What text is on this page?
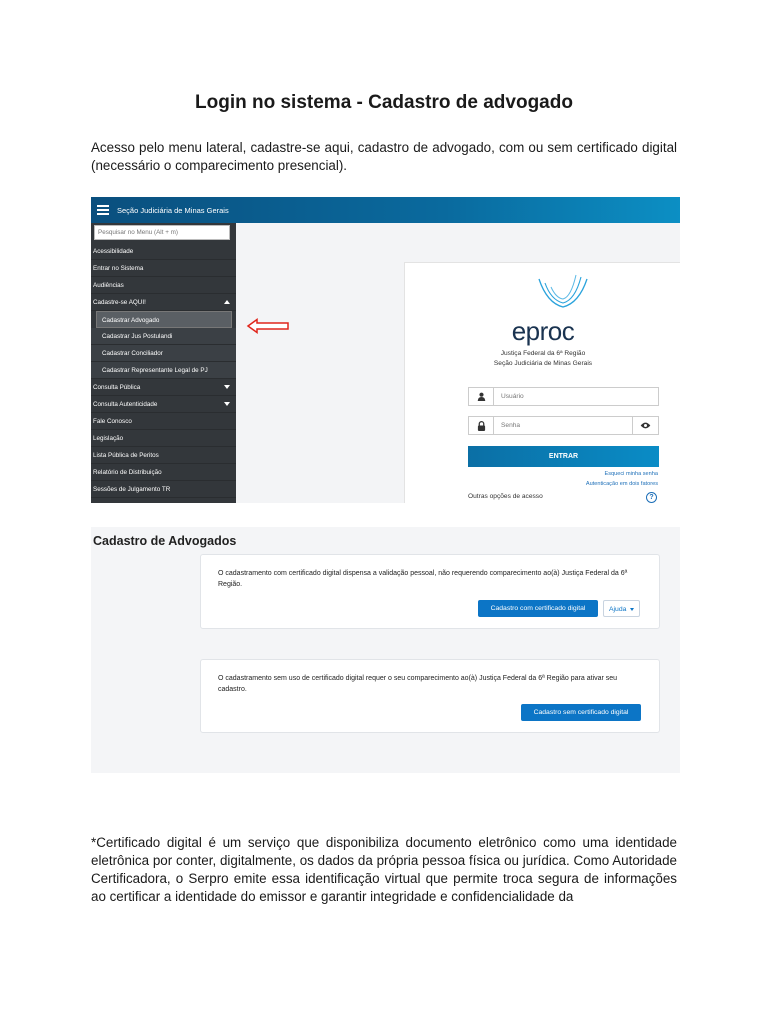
Login no sistema - Cadastro de advogado

Acesso pelo menu lateral, cadastre-se aqui, cadastro de advogado, com ou sem certificado digital (necessário o comparecimento presencial).

Seção Judiciária de Minas Gerais
Pesquisar no Menu (Alt + m)
Acessibilidade
Entrar no Sistema
Audiências
Cadastre-se AQUI!
Cadastrar Advogado
Cadastrar Jus Postulandi
Cadastrar Conciliador
Cadastrar Representante Legal de PJ
Consulta Pública
Consulta Autenticidade
Fale Conosco
Legislação
Lista Pública de Peritos
Relatório de Distribuição
Sessões de Julgamento TR
eproc
Justiça Federal da 6ª Região
Seção Judiciária de Minas Gerais
Usuário
Senha
ENTRAR
Esqueci minha senha
Autenticação em dois fatores
Outras opções de acesso	?
Cadastro de Advogados
O cadastramento com certificado digital dispensa a validação pessoal, não requerendo comparecimento ao(à) Justiça Federal da 6ª Região.
Cadastro com certificado digital	Ajuda
O cadastramento sem uso de certificado digital requer o seu comparecimento ao(à) Justiça Federal da 6ª Região para ativar seu cadastro.
Cadastro sem certificado digital

*Certificado digital é um serviço que disponibiliza documento eletrônico como uma identidade eletrônica por conter, digitalmente, os dados da própria pessoa física ou jurídica. Como Autoridade Certificadora, o Serpro emite essa identificação virtual que permite troca segura de informações ao certificar a identidade do emissor e garantir integridade e confidencialidade da
